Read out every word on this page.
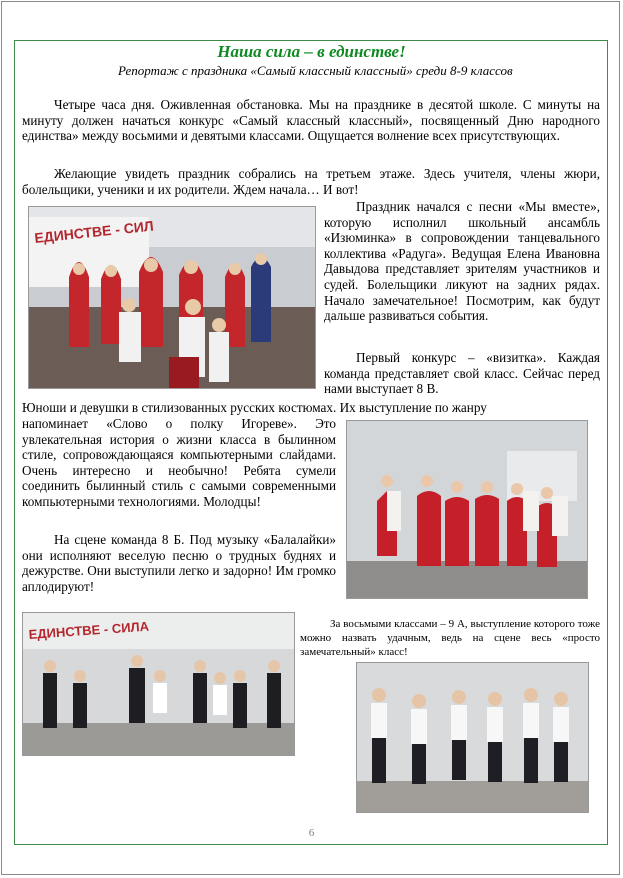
Наша сила – в единстве!
Репортаж с праздника «Самый классный классный» среди 8-9 классов

Четыре часа дня. Оживленная обстановка. Мы на празднике в десятой школе. С минуты на минуту должен начаться конкурс «Самый классный классный», посвященный Дню народного единства» между восьмими и девятыми классами. Ощущается волнение всех присутствующих.

Желающие увидеть праздник собрались на третьем этаже. Здесь учителя, члены жюри, болельщики, ученики и их родители. Ждем начала… И вот!

ЕДИНСТВЕ - СИЛ

Праздник начался с песни «Мы вместе», которую исполнил школьный ансамбль «Изюминка» в сопровождении танцевального коллектива «Радуга». Ведущая Елена Ивановна Давыдова представляет зрителям участников и судей. Болельщики ликуют на задних рядах. Начало замечательное! Посмотрим, как будут дальше развиваться события.

Первый конкурс – «визитка». Каждая команда представляет свой класс. Сейчас перед нами выступает 8 В.

Юноши и девушки в стилизованных русских костюмах. Их выступление по жанру

напоминает «Слово о полку Игореве». Это увлекательная история о жизни класса в былинном стиле, сопровождающаяся компьютерными слайдами. Очень интересно и необычно! Ребята сумели соединить былинный стиль с самыми современными компьютерными технологиями. Молодцы!

На сцене команда 8 Б. Под музыку «Балалайки» они исполняют веселую песню о трудных буднях и дежурстве. Они выступили легко и задорно! Им громко аплодируют!

ЕДИНСТВЕ - СИЛА	За восьмыми классами – 9 А, выступление которого тоже можно назвать удачным, ведь на сцене весь «просто замечательный» класс!

6
